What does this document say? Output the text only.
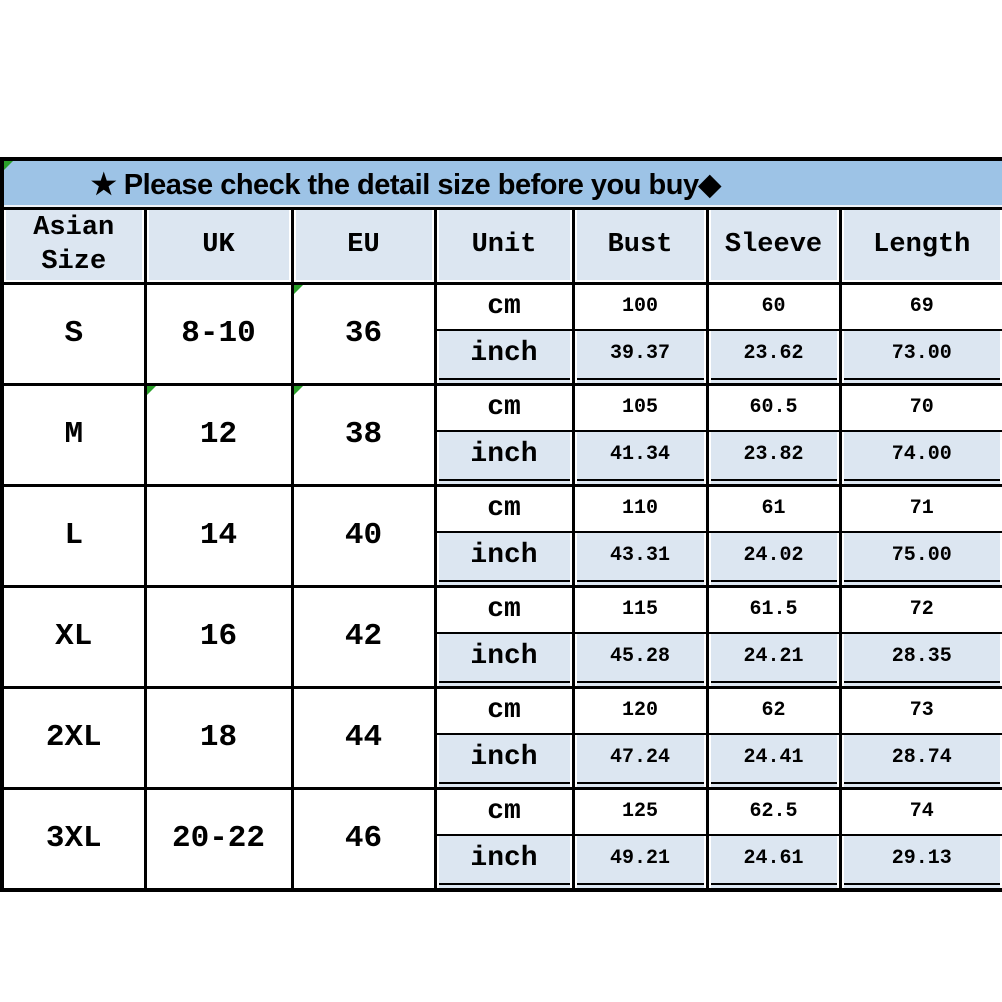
★ Please check the detail size before you buy◆						
Asian Size	UK	EU	Unit	Bust	Sleeve	Length
S	8-10	36	cm	100	60	69
			inch	39.37	23.62	73.00
M	12	38	cm	105	60.5	70
			inch	41.34	23.82	74.00
L	14	40	cm	110	61	71
			inch	43.31	24.02	75.00
XL	16	42	cm	115	61.5	72
			inch	45.28	24.21	28.35
2XL	18	44	cm	120	62	73
			inch	47.24	24.41	28.74
3XL	20-22	46	cm	125	62.5	74
			inch	49.21	24.61	29.13
